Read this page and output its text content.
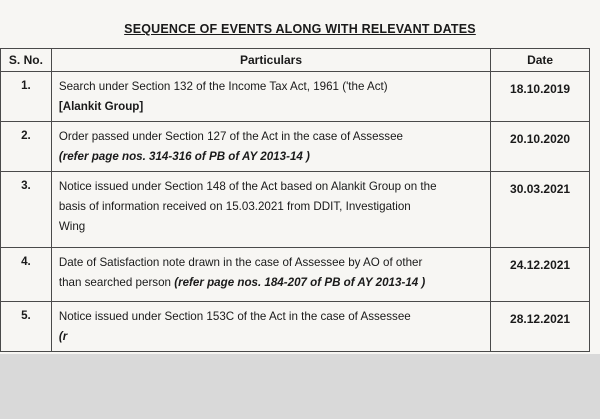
SEQUENCE OF EVENTS ALONG WITH RELEVANT DATES
S. No.	Particulars	Date

1.	Search under Section 132 of the Income Tax Act, 1961 ('the Act)
[Alankit Group]	18.10.2019

2.	Order passed under Section 127 of the Act in the case of Assessee
(refer page nos. 314-316 of PB of AY 2013-14 )	20.10.2020

3.	Notice issued under Section 148 of the Act based on Alankit Group on the
basis of information received on 15.03.2021 from DDIT, Investigation
Wing	30.03.2021

4.	Date of Satisfaction note drawn in the case of Assessee by AO of other
than searched person (refer page nos. 184-207 of PB of AY 2013-14 )	24.12.2021

5.	Notice issued under Section 153C of the Act in the case of Assessee
(r	28.12.2021
